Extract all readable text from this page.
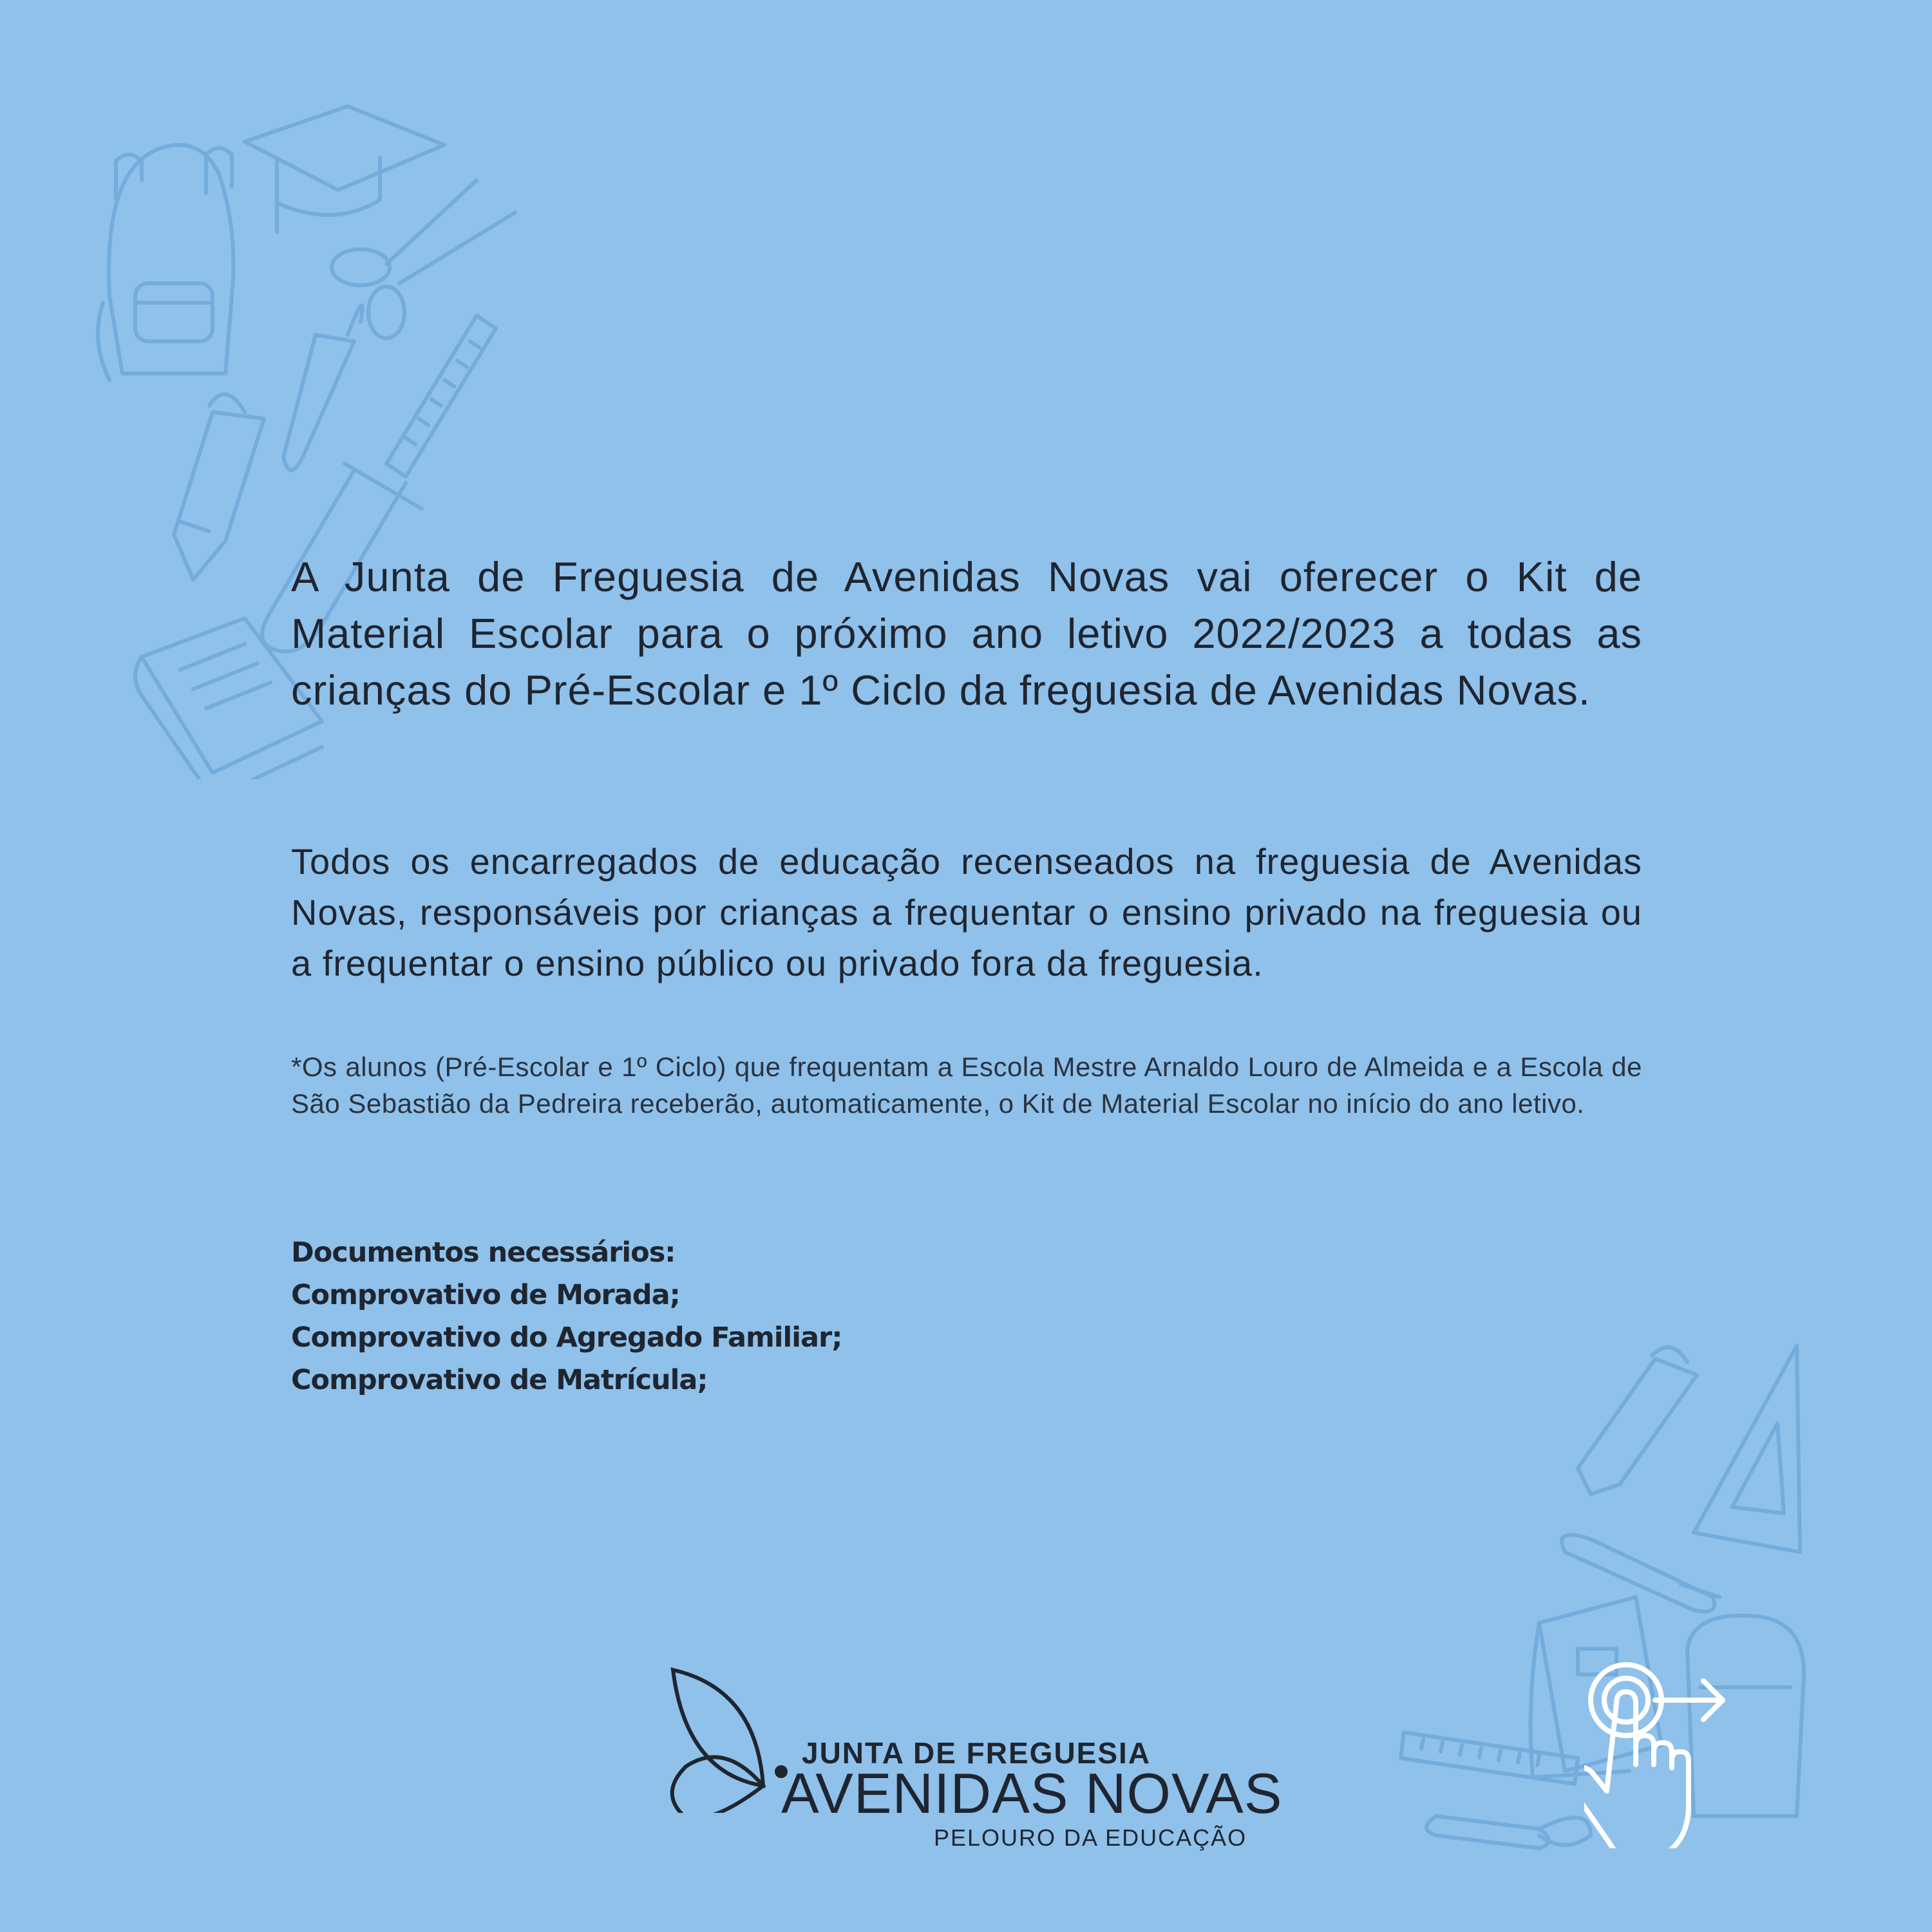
A Junta de Freguesia de Avenidas Novas vai oferecer o Kit de Material Escolar para o próximo ano letivo 2022/2023 a todas as crianças do Pré-Escolar e 1º Ciclo da freguesia de Avenidas Novas.

Todos os encarregados de educação recenseados na freguesia de Avenidas Novas, responsáveis por crianças a frequentar o ensino privado na freguesia ou a frequentar o ensino público ou privado fora da freguesia.

*Os alunos (Pré-Escolar e 1º Ciclo) que frequentam a Escola Mestre Arnaldo Louro de Almeida e a Escola de São Sebastião da Pedreira receberão, automaticamente, o Kit de Material Escolar no início do ano letivo.

Documentos necessários:
Comprovativo de Morada;
Comprovativo do Agregado Familiar;
Comprovativo de Matrícula;
JUNTA DE FREGUESIA
AVENIDAS NOVAS
PELOURO DA EDUCAÇÃO
